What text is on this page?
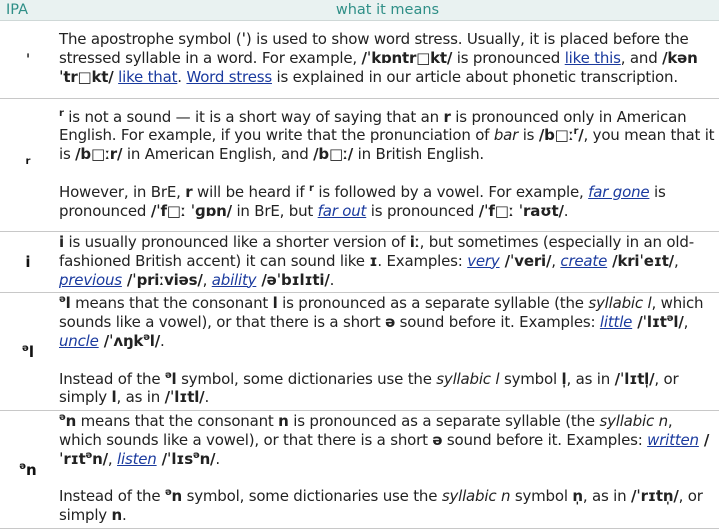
IPA	what it means
ˈ	The apostrophe symbol (ˈ) is used to show word stress. Usually, it is placed before the stressed syllable in a word. For example, /ˈkɒntr□kt/ is pronounced like this, and /kənˈtr□kt/ like that. Word stress is explained in our article about phonetic transcription.

$^r$	$^r$ is not a sound — it is a short way of saying that an r is pronounced only in American English. For example, if you write that the pronunciation of bar is /b□ː$^r$/, you mean that it is /b□ːr/ in American English, and /b□ː/ in British English.

However, in BrE, r will be heard if $^r$ is followed by a vowel. For example, far gone is pronounced /ˈf□ː ˈɡɒn/ in BrE, but far out is pronounced /ˈf□ː ˈraʊt/.

i	i is usually pronounced like a shorter version of iː, but sometimes (especially in an old-fashioned British accent) it can sound like ɪ. Examples: very /ˈveri/, create /kriˈeɪt/, previous /ˈpriːviəs/, ability /əˈbɪlɪti/.

$^ə$l	$^ə$l means that the consonant l is pronounced as a separate syllable (the syllabic l, which sounds like a vowel), or that there is a short ə sound before it. Examples: little /ˈlɪt$^ə$l/, uncle /ˈʌŋk$^ə$l/.

Instead of the $^ə$l symbol, some dictionaries use the syllabic l symbol l̩, as in /ˈlɪtl̩/, or simply l, as in /ˈlɪtl/.

$^ə$n	$^ə$n means that the consonant n is pronounced as a separate syllable (the syllabic n, which sounds like a vowel), or that there is a short ə sound before it. Examples: written /ˈrɪt$^ə$n/, listen /ˈlɪs$^ə$n/.

Instead of the $^ə$n symbol, some dictionaries use the syllabic n symbol n̩, as in /ˈrɪtn̩/, or simply n.
